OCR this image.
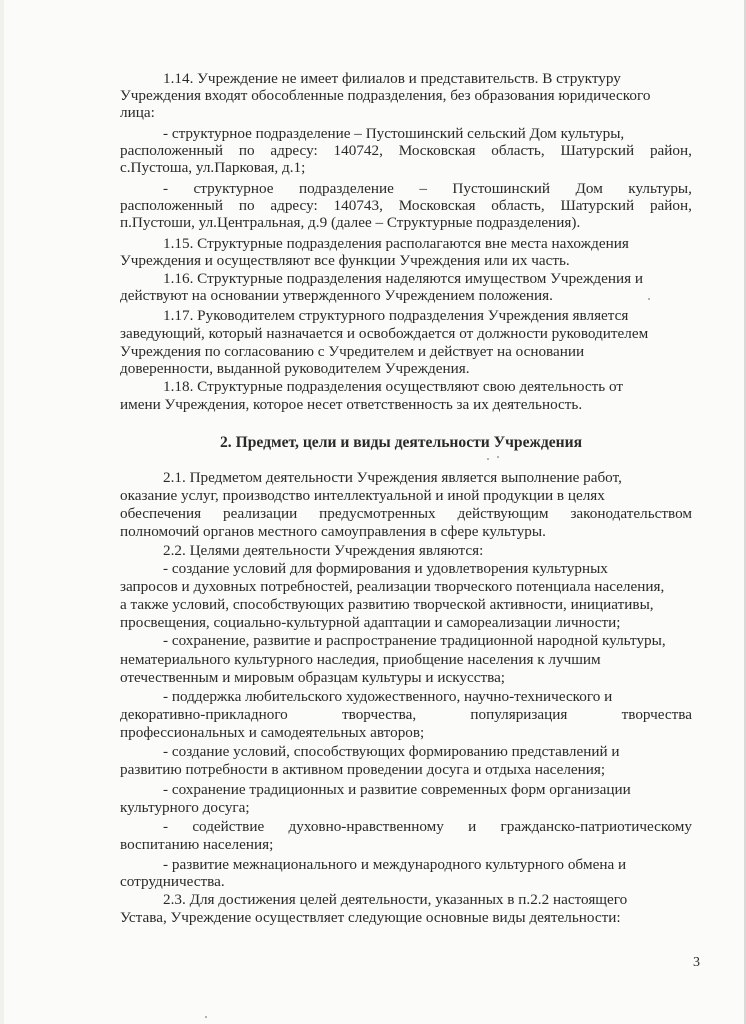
1.14. Учреждение не имеет филиалов и представительств. В структуру
Учреждения входят обособленные подразделения, без образования юридического
лица:
- структурное подразделение – Пустошинский сельский Дом культуры,
расположенный по адресу: 140742, Московская область, Шатурский район,
с.Пустоша, ул.Парковая, д.1;
- структурное подразделение – Пустошинский Дом культуры,
расположенный по адресу: 140743, Московская область, Шатурский район,
п.Пустоши, ул.Центральная, д.9 (далее – Структурные подразделения).
1.15. Структурные подразделения располагаются вне места нахождения
Учреждения и осуществляют все функции Учреждения или их часть.
1.16. Структурные подразделения наделяются имуществом Учреждения и
действуют на основании утвержденного Учреждением положения.
1.17. Руководителем структурного подразделения Учреждения является
заведующий, который назначается и освобождается от должности руководителем
Учреждения по согласованию с Учредителем и действует на основании
доверенности, выданной руководителем Учреждения.
1.18. Структурные подразделения осуществляют свою деятельность от
имени Учреждения, которое несет ответственность за их деятельность.
2. Предмет, цели и виды деятельности Учреждения
2.1. Предметом деятельности Учреждения является выполнение работ,
оказание услуг, производство интеллектуальной и иной продукции в целях
обеспечения реализации предусмотренных действующим законодательством
полномочий органов местного самоуправления в сфере культуры.
2.2. Целями деятельности Учреждения являются:
- создание условий для формирования и удовлетворения культурных
запросов и духовных потребностей, реализации творческого потенциала населения,
а также условий, способствующих развитию творческой активности, инициативы,
просвещения, социально-культурной адаптации и самореализации личности;
- сохранение, развитие и распространение традиционной народной культуры,
нематериального культурного наследия, приобщение населения к лучшим
отечественным и мировым образцам культуры и искусства;
- поддержка любительского художественного, научно-технического и
декоративно-прикладного	творчества,	популяризация	творчества
профессиональных и самодеятельных авторов;
- создание условий, способствующих формированию представлений и
развитию потребности в активном проведении досуга и отдыха населения;
- сохранение традиционных и развитие современных форм организации
культурного досуга;
- содействие духовно-нравственному и гражданско-патриотическому
воспитанию населения;
- развитие межнационального и международного культурного обмена и
сотрудничества.
2.3. Для достижения целей деятельности, указанных в п.2.2 настоящего
Устава, Учреждение осуществляет следующие основные виды деятельности:
3
